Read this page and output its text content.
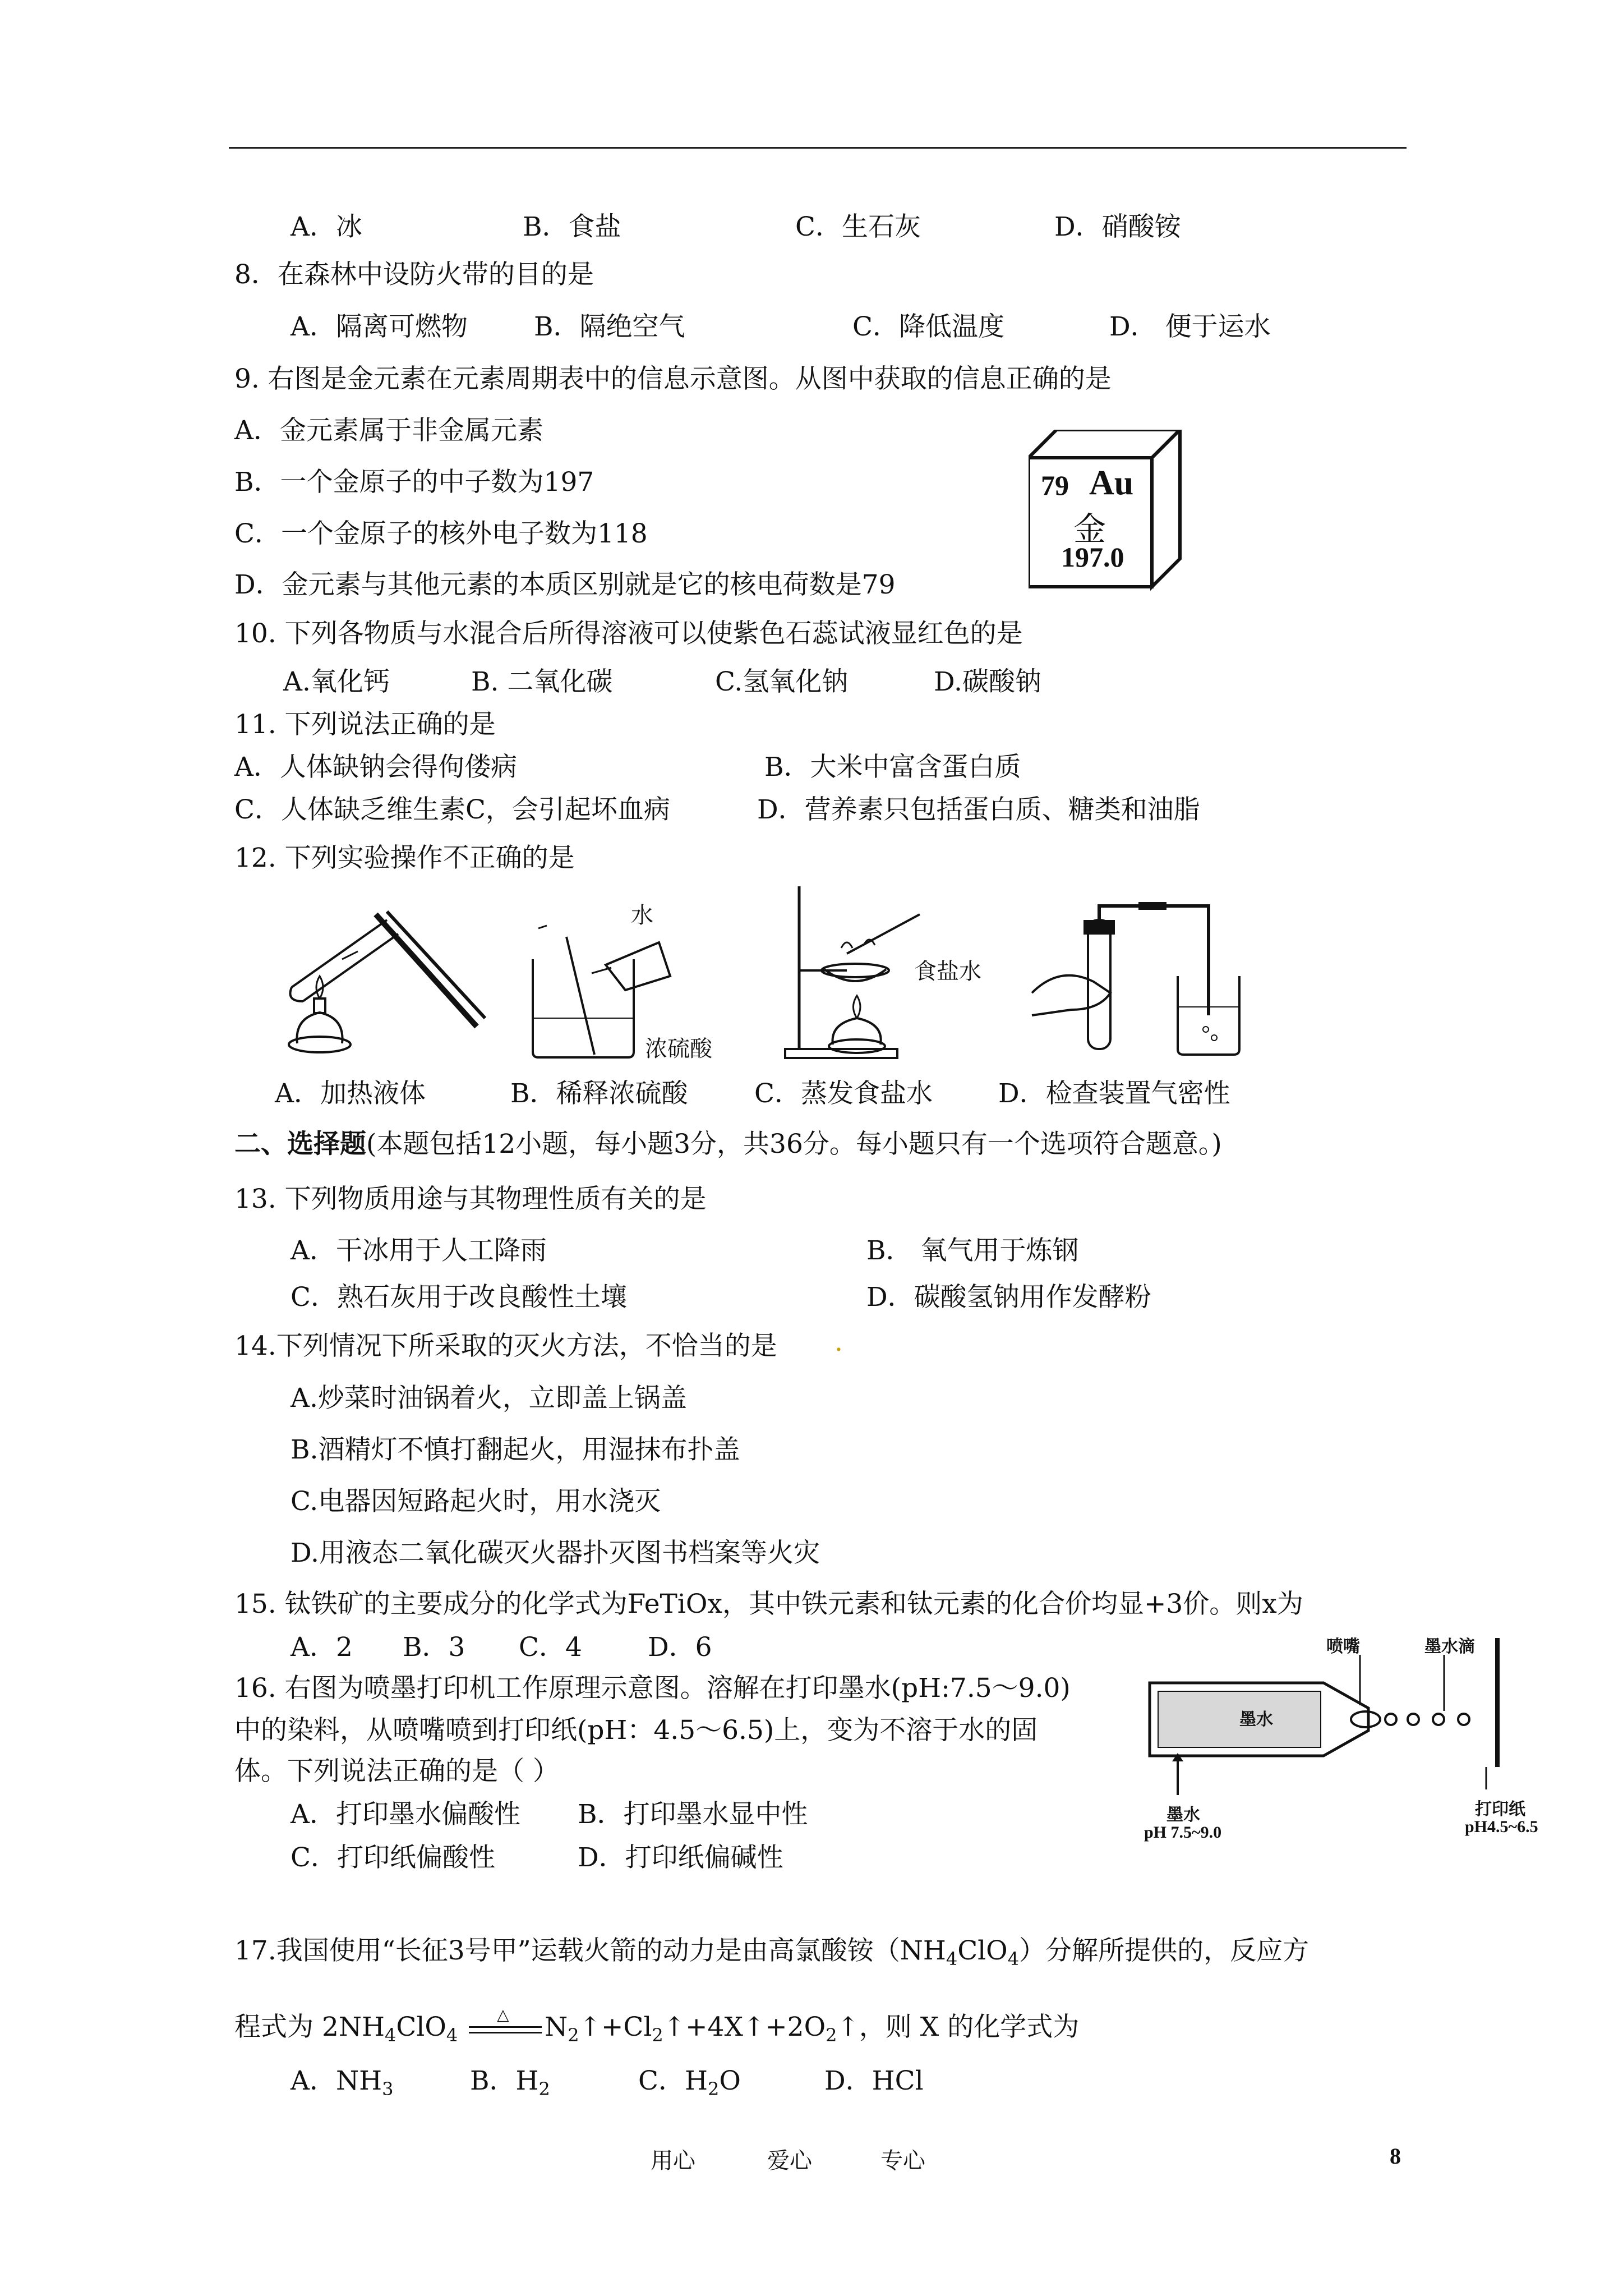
A．冰	B．食盐	C．生石灰	D．硝酸铵
8．在森林中设防火带的目的是
A．隔离可燃物	B．隔绝空气	C．降低温度	D． 便于运水
9. 右图是金元素在元素周期表中的信息示意图。从图中获取的信息正确的是
A．金元素属于非金属元素
B．一个金原子的中子数为197
C．一个金原子的核外电子数为118
D．金元素与其他元素的本质区别就是它的核电荷数是79
79 Au
金
197.0
10. 下列各物质与水混合后所得溶液可以使紫色石蕊试液显红色的是
A.氧化钙	B. 二氧化碳	C.氢氧化钠	D.碳酸钠
11. 下列说法正确的是
A．人体缺钠会得佝偻病	B．大米中富含蛋白质
C．人体缺乏维生素C，会引起坏血病	D．营养素只包括蛋白质、糖类和油脂
12. 下列实验操作不正确的是
水
浓硫酸
食盐水
A．加热液体	B．稀释浓硫酸	C．蒸发食盐水 D．检查装置气密性
二、选择题(本题包括12小题，每小题3分，共36分。每小题只有一个选项符合题意。)
13. 下列物质用途与其物理性质有关的是
A．干冰用于人工降雨	B． 氧气用于炼钢
C．熟石灰用于改良酸性土壤	D．碳酸氢钠用作发酵粉
14.下列情况下所采取的灭火方法，不恰当的是 .
A.炒菜时油锅着火，立即盖上锅盖
B.酒精灯不慎打翻起火，用湿抹布扑盖
C.电器因短路起火时，用水浇灭
D.用液态二氧化碳灭火器扑灭图书档案等火灾
15. 钛铁矿的主要成分的化学式为FeTiOx，其中铁元素和钛元素的化合价均显+3价。则x为
A．2 B．3 C．4 D．6
16. 右图为喷墨打印机工作原理示意图。溶解在打印墨水(pH:7.5～9.0)
中的染料，从喷嘴喷到打印纸(pH：4.5～6.5)上，变为不溶于水的固
体。下列说法正确的是（ ）
A．打印墨水偏酸性 B．打印墨水显中性
C．打印纸偏酸性	D．打印纸偏碱性
喷嘴	墨水滴
墨水
墨水
pH 7.5~9.0
打印纸
pH4.5~6.5
17.我国使用“长征3号甲”运载火箭的动力是由高氯酸铵$(NH_4ClO_4)$分解所提供的，反应方
程式为 $2NH_4ClO_4$
△ $N_2↑+Cl_2↑+4X↑+2O_2↑$，则 X 的化学式为
A．$NH_3$	B．$H_2$	C．$H_2O$	D．HCl
用心	爱心	专心	8
